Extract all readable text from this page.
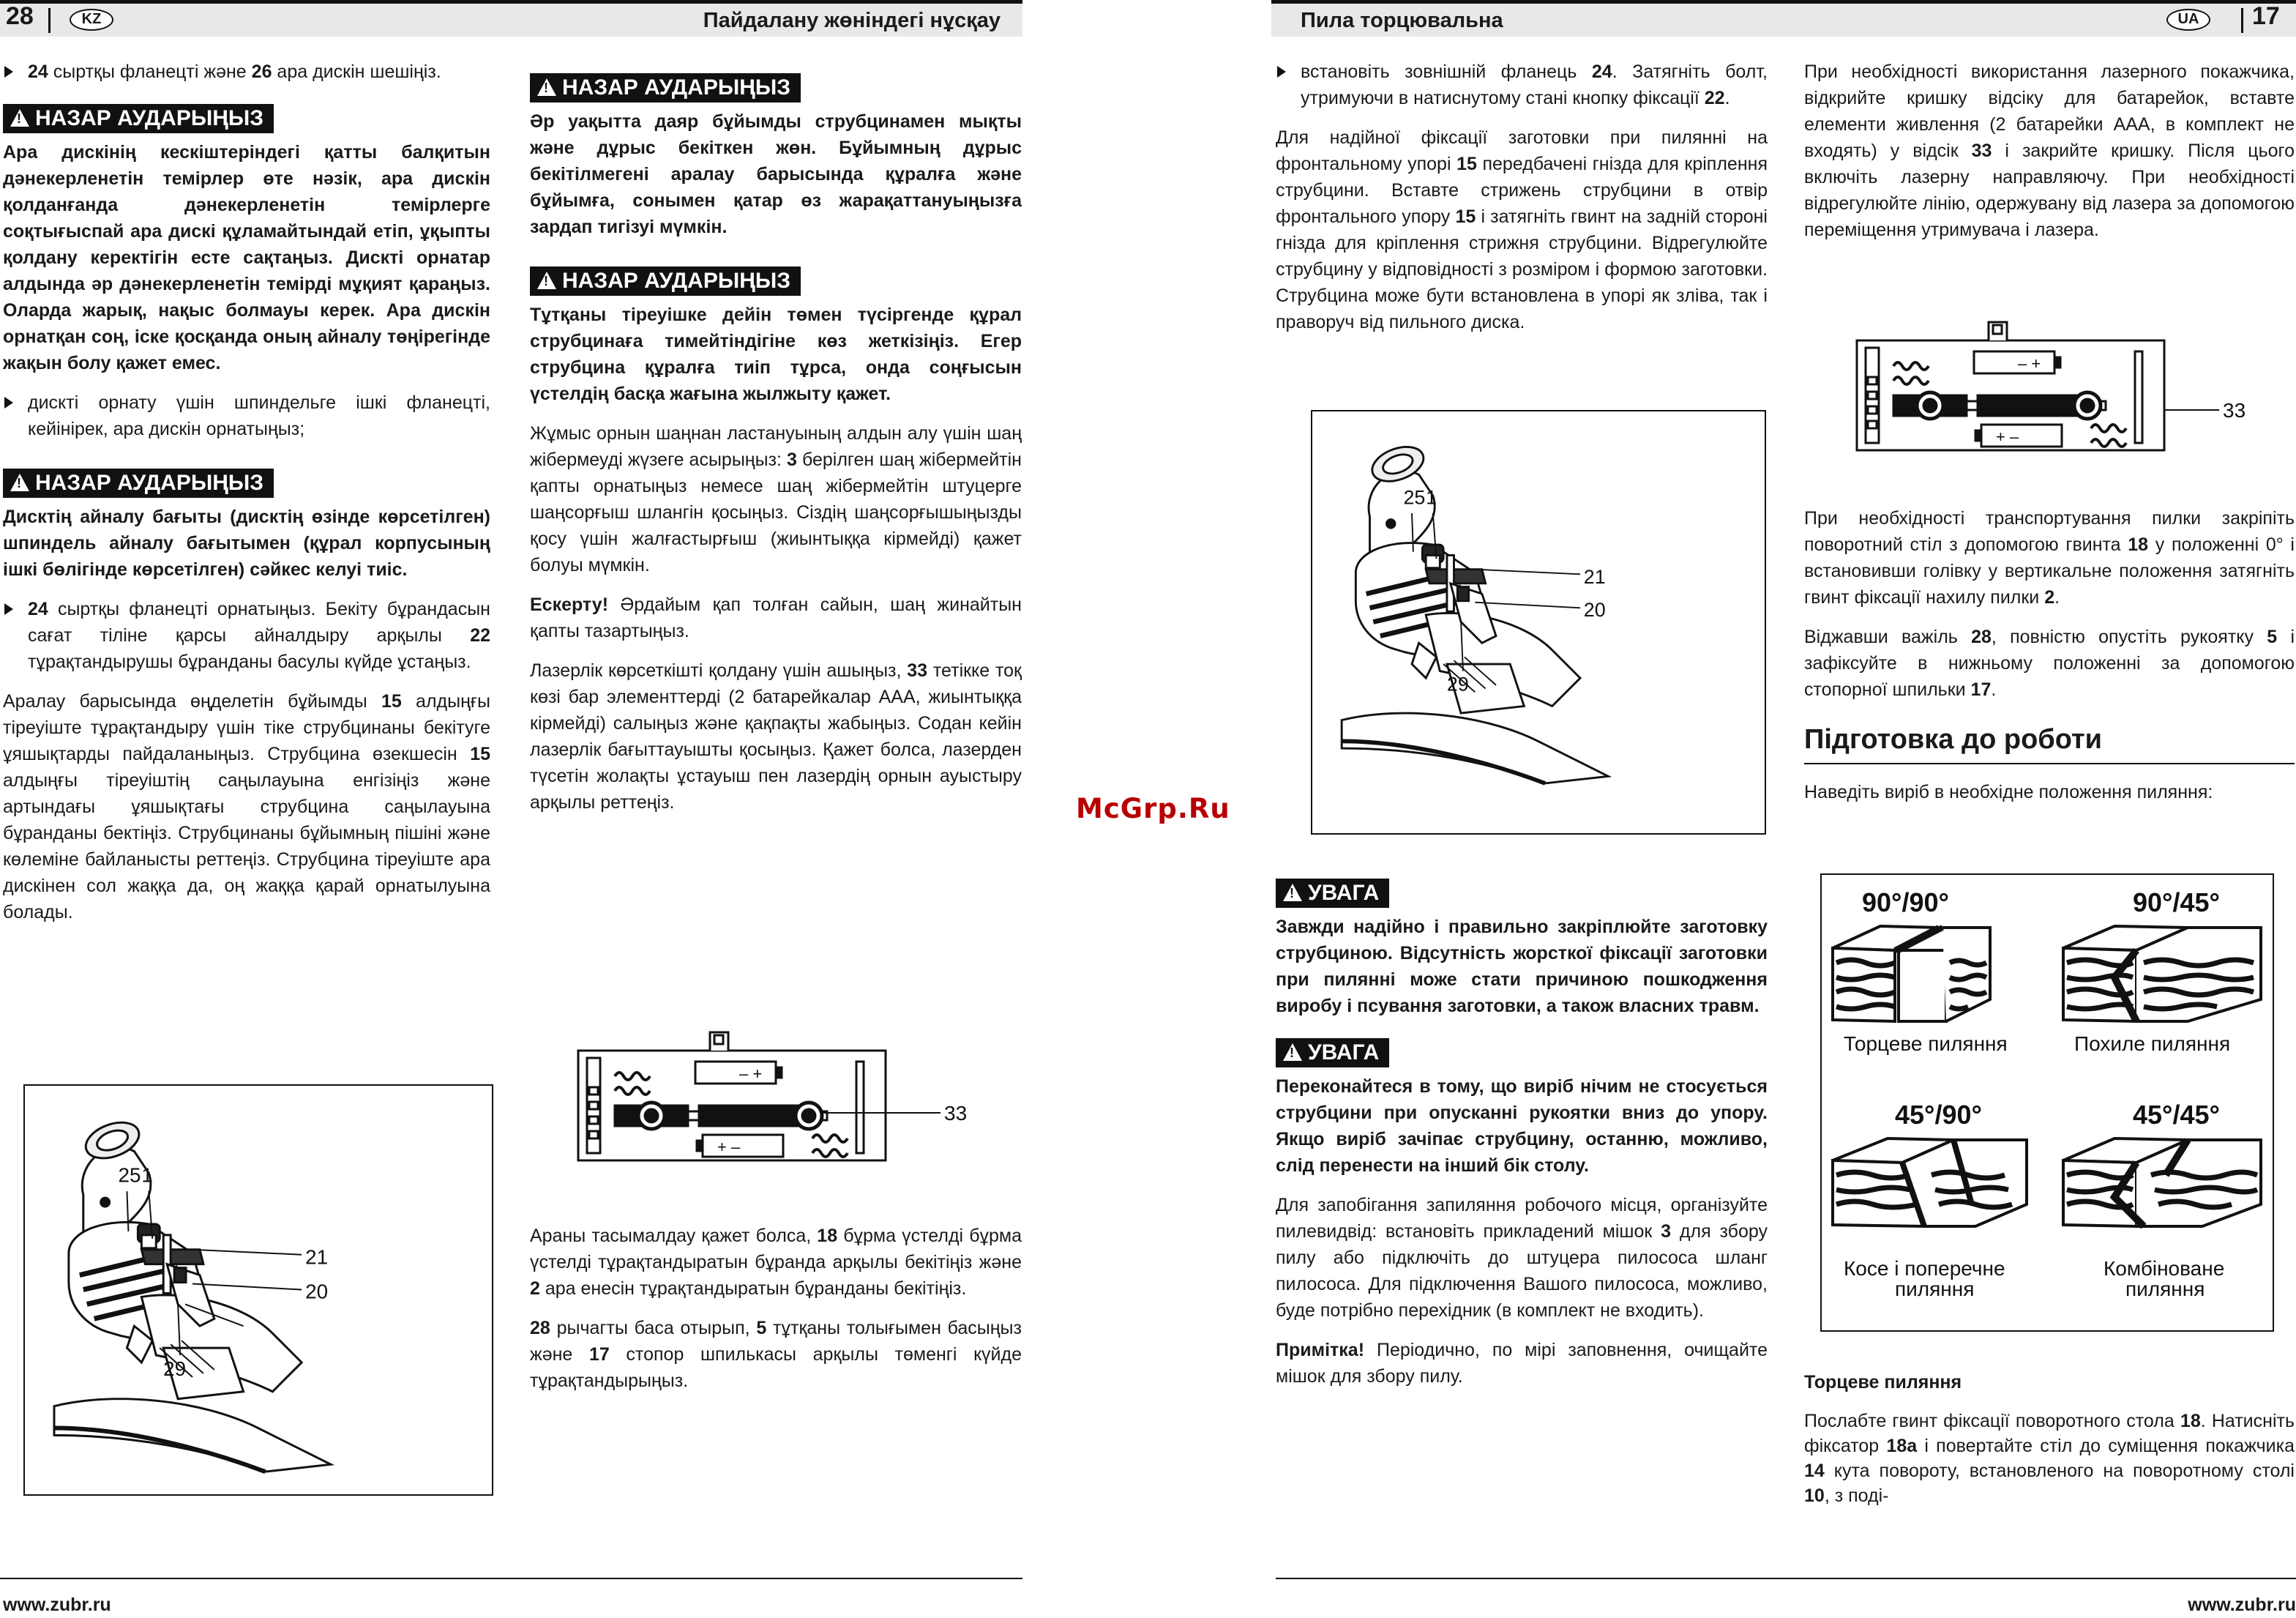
28	KZ	Пайдалану жөніндегі нұсқау
24 сыртқы фланецті және 26 ара дискін шешіңіз.
!НАЗАР АУДАРЫҢЫЗ

Ара дискінің кескіштеріндегі қатты балқитын дәнекерленетін темірлер өте нәзік, ара дискін қолданғанда дәнекерленетін темірлерге соқтығыспай ара дискі құламайтындай етіп, ұқыпты қолдану керектігін есте сақтаңыз. Дискті орнатар алдында әр дәнекерленетін темірді мұқият қараңыз. Оларда жарық, нақыс болмауы керек. Ара дискін орнатқан соң, іске қосқанда оның айналу төңірегінде жақын болу қажет емес.

дискті орнату үшін шпиндельге ішкі фланецті, кейінірек, ара дискін орнатыңыз;
!НАЗАР АУДАРЫҢЫЗ

Дисктің айналу бағыты (дисктің өзінде көрсетілген) шпиндель айналу бағытымен (құрал корпусының ішкі бөлігінде көрсетілген) сәйкес келуі тиіс.

24 сыртқы фланецті орнатыңыз. Бекіту бұрандасын сағат тіліне қарсы айналдыру арқылы 22 тұрақтандырушы бұранданы басулы күйде ұстаңыз.

Аралау барысында өңделетін бұйымды 15 алдыңғы тіреуіште тұрақтандыру үшін тіке струбцинаны бекітуге ұяшықтарды пайдаланыңыз. Струбцина өзекшесін 15 алдыңғы тіреуіштің саңылауына енгізіңіз және артындағы ұяшықтағы струбцина саңылауына бұранданы бектіңіз. Струбцинаны бұйымның пішіні және көлеміне байланысты реттеңіз. Струбцина тіреуіште ара дискінен сол жаққа да, оң жаққа қарай орнатылуына болады.

25 1
21
20
29
!НАЗАР АУДАРЫҢЫЗ

Әр уақытта даяр бұйымды струбцинамен мықты және дұрыс бекіткен жөн. Бұйымның дұрыс бекітілмегені аралау барысында құралға және бұйымға, сонымен қатар өз жарақаттануыңызға зардап тигізуі мүмкін.

!НАЗАР АУДАРЫҢЫЗ

Тұтқаны тіреуішке дейін төмен түсіргенде құрал струбцинаға тимейтіндігіне көз жеткізіңіз. Егер струбцина құралға тиіп тұрса, онда соңғысын үстелдің басқа жағына жылжыту қажет.

Жұмыс орнын шаңнан ластануының алдын алу үшін шаң жібермеуді жүзеге асырыңыз: 3 берілген шаң жібермейтін қапты орнатыңыз немесе шаң жібермейтін штуцерге шаңсорғыш шлангін қосыңыз. Сіздің шаңсорғышыңызды қосу үшін жалғастырғыш (жиынтыққа кірмейді) қажет болуы мүмкін.

Ескерту! Әрдайым қап толған сайын, шаң жинайтын қапты тазартыңыз.

Лазерлік көрсеткішті қолдану үшін ашыңыз, 33 тетікке тоқ көзі бар элементтерді (2 батарейкалар AAA, жиынтыққа кірмейді) салыңыз және қақпақты жабыңыз. Содан кейін лазерлік бағыттауышты қосыңыз. Қажет болса, лазерден түсетін жолақты ұстауыш пен лазердің орнын ауыстыру арқылы реттеңіз.

– +
+ –
33

Араны тасымалдау қажет болса, 18 бұрма үстелді бұрма үстелді тұрақтандыратын бұранда арқылы бекітіңіз және 2 ара енесін тұрақтандыратын бұранданы бекітіңіз.

28 рычагты баса отырып, 5 тұтқаны толығымен басыңыз және 17 стопор шпилькасы арқылы төменгі күйде тұрақтандырыңыз.

www.zubr.ru
McGrp.Ru
Пила торцювальна	UA	17
встановіть зовнішній фланець 24. Затягніть болт, утримуючи в натиснутому стані кнопку фіксації 22.

Для надійної фіксації заготовки при пилянні на фронтальному упорі 15 передбачені гнізда для кріплення струбцини. Вставте стрижень струбцини в отвір фронтального упору 15 і затягніть гвинт на задній стороні гнізда для кріплення стрижня струбцини. Відрегулюйте струбцину у відповідності з розміром і формою заготовки. Струбцина може бути встановлена в упорі як зліва, так і праворуч від пильного диска.

25 1
21
20
29
!УВАГА

Завжди надійно і правильно закріплюйте заготовку струбциною. Відсутність жорсткої фіксації заготовки при пилянні може стати причиною пошкодження виробу і псування заготовки, а також власних травм.

!УВАГА

Переконайтеся в тому, що виріб нічим не стосується струбцини при опусканні рукоятки вниз до упору. Якщо виріб зачіпає струбцину, останню, можливо, слід перенести на інший бік столу.

Для запобігання запиляння робочого місця, організуйте пилевидвід: встановіть прикладений мішок 3 для збору пилу або підключіть до штуцера пилососа шланг пилососа. Для підключення Вашого пилососа, можливо, буде потрібно перехідник (в комплект не входить).

Примітка! Періодично, по мірі заповнення, очищайте мішок для збору пилу.

При необхідності використання лазерного покажчика, відкрийте кришку відсіку для батарейок, вставте елементи живлення (2 батарейки AAA, в комплект не входять) у відсік 33 і закрийте кришку. Після цього включіть лазерну направляючу. При необхідності відрегулюйте лінію, одержувану від лазера за допомогою переміщення утримувача і лазера.

– +
+ –
33

При необхідності транспортування пилки закріпіть поворотний стіл з допомогою гвинта 18 у положенні 0° і встановивши голівку у вертикальне положення затягніть гвинт фіксації нахилу пилки 2.

Віджавши важіль 28, повністю опустіть рукоятку 5 і зафіксуйте в нижньому положенні за допомогою стопорної шпильки 17.

Підготовка до роботи

Наведіть виріб в необхідне положення пиляння:

90°/90°
Торцеве пиляння
90°/45°
Похиле пиляння
45°/90°
Косе і поперечне
пиляння
45°/45°
Комбіноване
пиляння

Торцеве пиляння

Послабте гвинт фіксації поворотного стола 18. Натисніть фіксатор 18а і повертайте стіл до суміщення покажчика 14 кута повороту, встановленого на поворотному столі 10, з поді-

www.zubr.ru
